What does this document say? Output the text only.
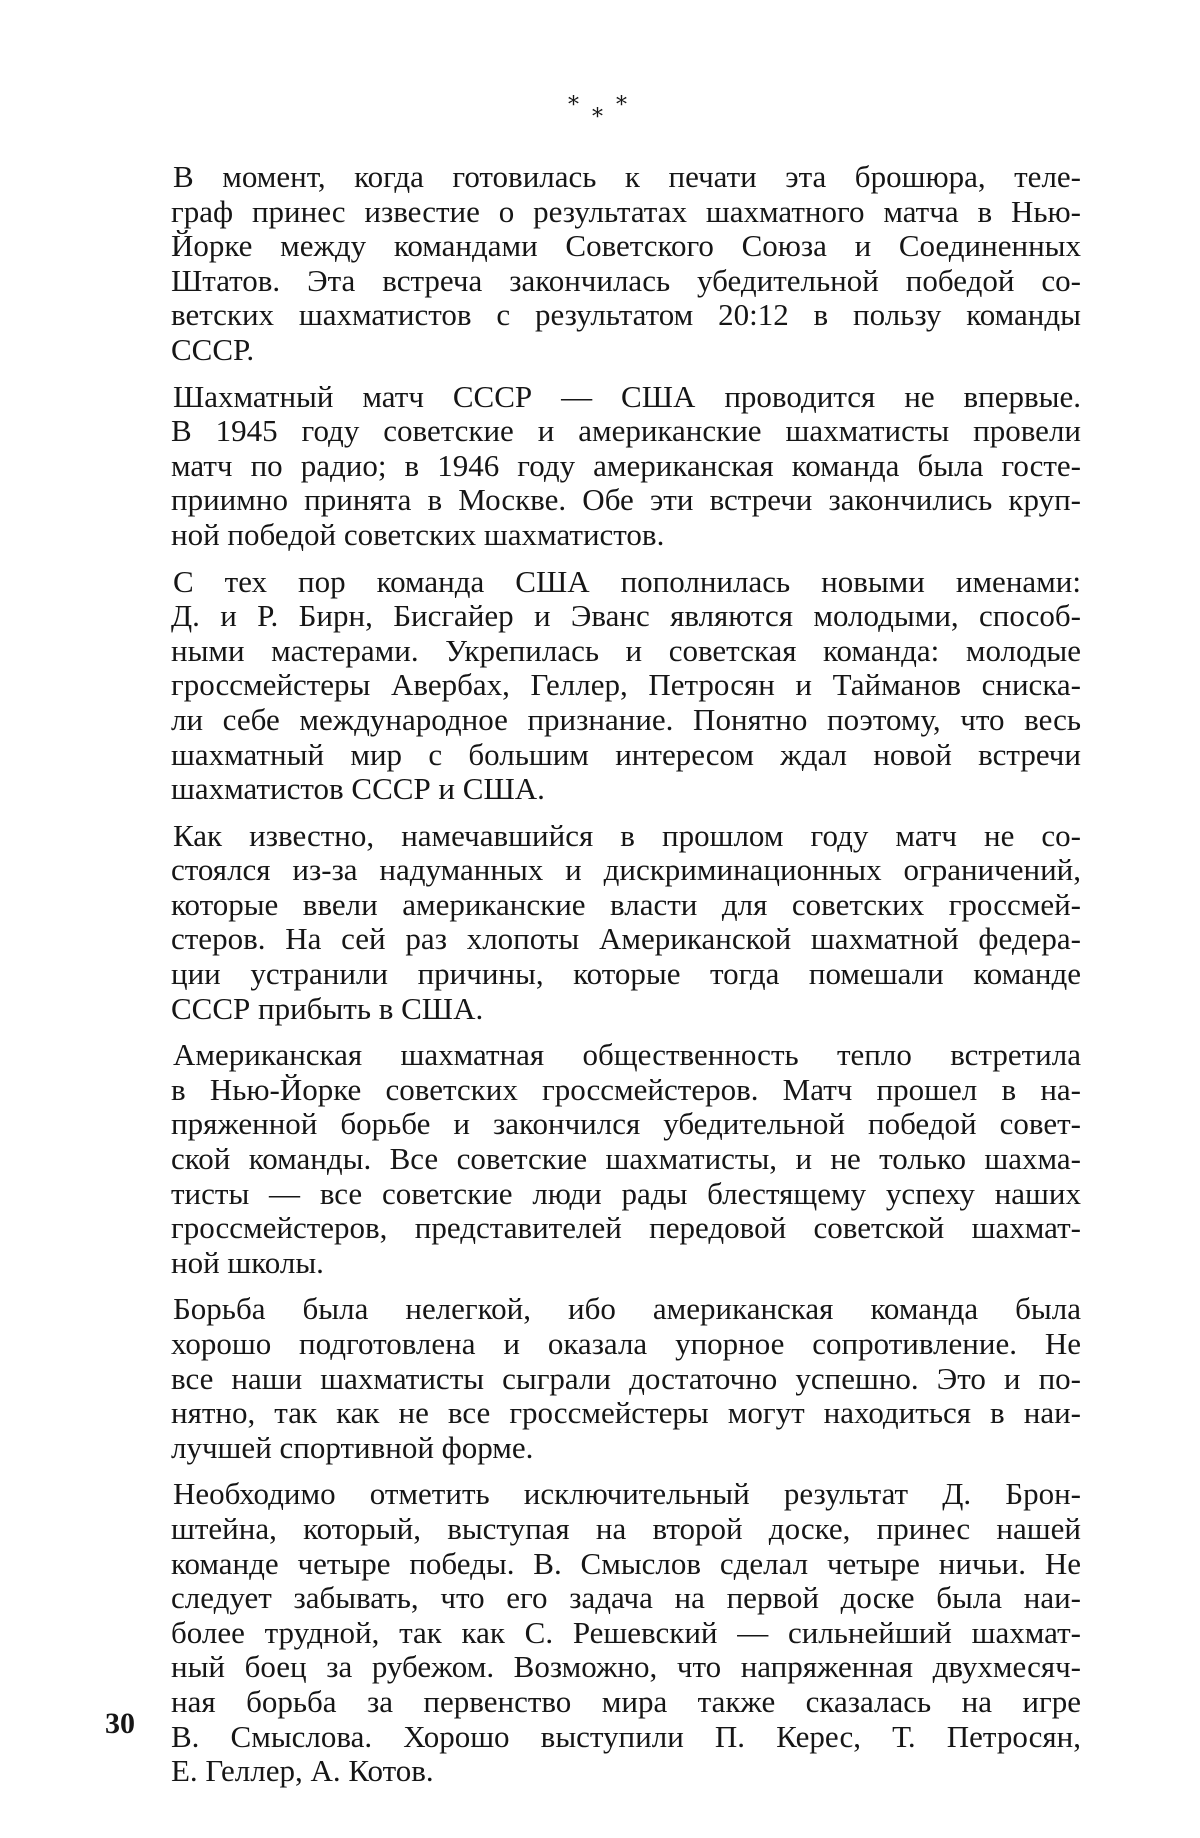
* * *

В момент, когда готовилась к печати эта брошюра, теле-
граф принес известие о результатах шахматного матча в Нью-
Йорке между командами Советского Союза и Соединенных
Штатов. Эта встреча закончилась убедительной победой со-
ветских шахматистов с результатом 20:12 в пользу команды
СССР.

Шахматный матч СССР — США проводится не впервые.
В 1945 году советские и американские шахматисты провели
матч по радио; в 1946 году американская команда была госте-
приимно принята в Москве. Обе эти встречи закончились круп-
ной победой советских шахматистов.

С тех пор команда США пополнилась новыми именами:
Д. и Р. Бирн, Бисгайер и Эванс являются молодыми, способ-
ными мастерами. Укрепилась и советская команда: молодые
гроссмейстеры Авербах, Геллер, Петросян и Тайманов сниска-
ли себе международное признание. Понятно поэтому, что весь
шахматный мир с большим интересом ждал новой встречи
шахматистов СССР и США.

Как известно, намечавшийся в прошлом году матч не со-
стоялся из-за надуманных и дискриминационных ограничений,
которые ввели американские власти для советских гроссмей-
стеров. На сей раз хлопоты Американской шахматной федера-
ции устранили причины, которые тогда помешали команде
СССР прибыть в США.

Американская шахматная общественность тепло встретила
в Нью-Йорке советских гроссмейстеров. Матч прошел в на-
пряженной борьбе и закончился убедительной победой совет-
ской команды. Все советские шахматисты, и не только шахма-
тисты — все советские люди рады блестящему успеху наших
гроссмейстеров, представителей передовой советской шахмат-
ной школы.

Борьба была нелегкой, ибо американская команда была
хорошо подготовлена и оказала упорное сопротивление. Не
все наши шахматисты сыграли достаточно успешно. Это и по-
нятно, так как не все гроссмейстеры могут находиться в наи-
лучшей спортивной форме.

Необходимо отметить исключительный результат Д. Брон-
штейна, который, выступая на второй доске, принес нашей
команде четыре победы. В. Смыслов сделал четыре ничьи. Не
следует забывать, что его задача на первой доске была наи-
более трудной, так как С. Решевский — сильнейший шахмат-
ный боец за рубежом. Возможно, что напряженная двухмесяч-
ная борьба за первенство мира также сказалась на игре
В. Смыслова. Хорошо выступили П. Керес, Т. Петросян,
Е. Геллер, А. Котов.

30
